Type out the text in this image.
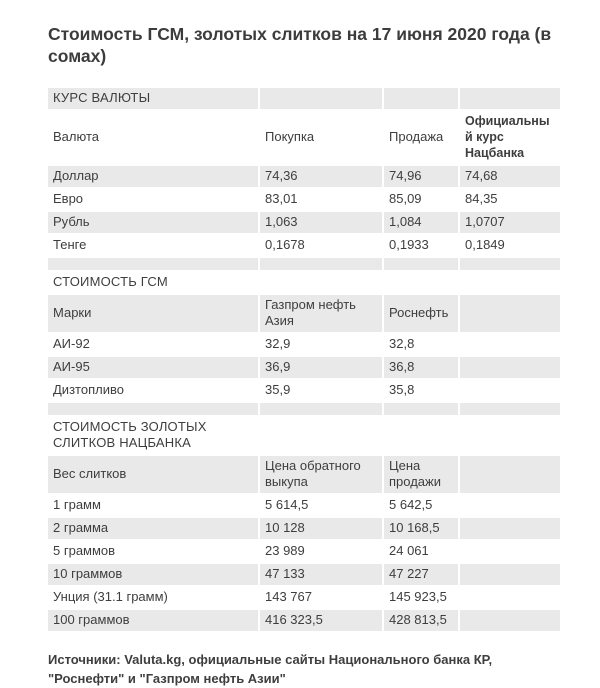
Стоимость ГСМ, золотых слитков на 17 июня 2020 года (в сомах)
КУРС ВАЛЮТЫ			
Валюта	Покупка	Продажа	Официальный курс Нацбанка
Доллар	74,36	74,96	74,68
Евро	83,01	85,09	84,35
Рубль	1,063	1,084	1,0707
Тенге	0,1678	0,1933	0,1849

СТОИМОСТЬ ГСМ			
Марки	Газпром нефть Азия	Роснефть	
АИ-92	32,9	32,8	
АИ-95	36,9	36,8	
Дизтопливо	35,9	35,8	

СТОИМОСТЬ ЗОЛОТЫХ СЛИТКОВ НАЦБАНКА			
Вес слитков	Цена обратного выкупа	Цена продажи	
1 грамм	5 614,5	5 642,5	
2 грамма	10 128	10 168,5	
5 граммов	23 989	24 061	
10 граммов	47 133	47 227	
Унция (31.1 грамм)	143 767	145 923,5	
100 граммов	416 323,5	428 813,5	

Источники: Valuta.kg, официальные сайты Национального банка КР, "Роснефти" и "Газпром нефть Азии"
